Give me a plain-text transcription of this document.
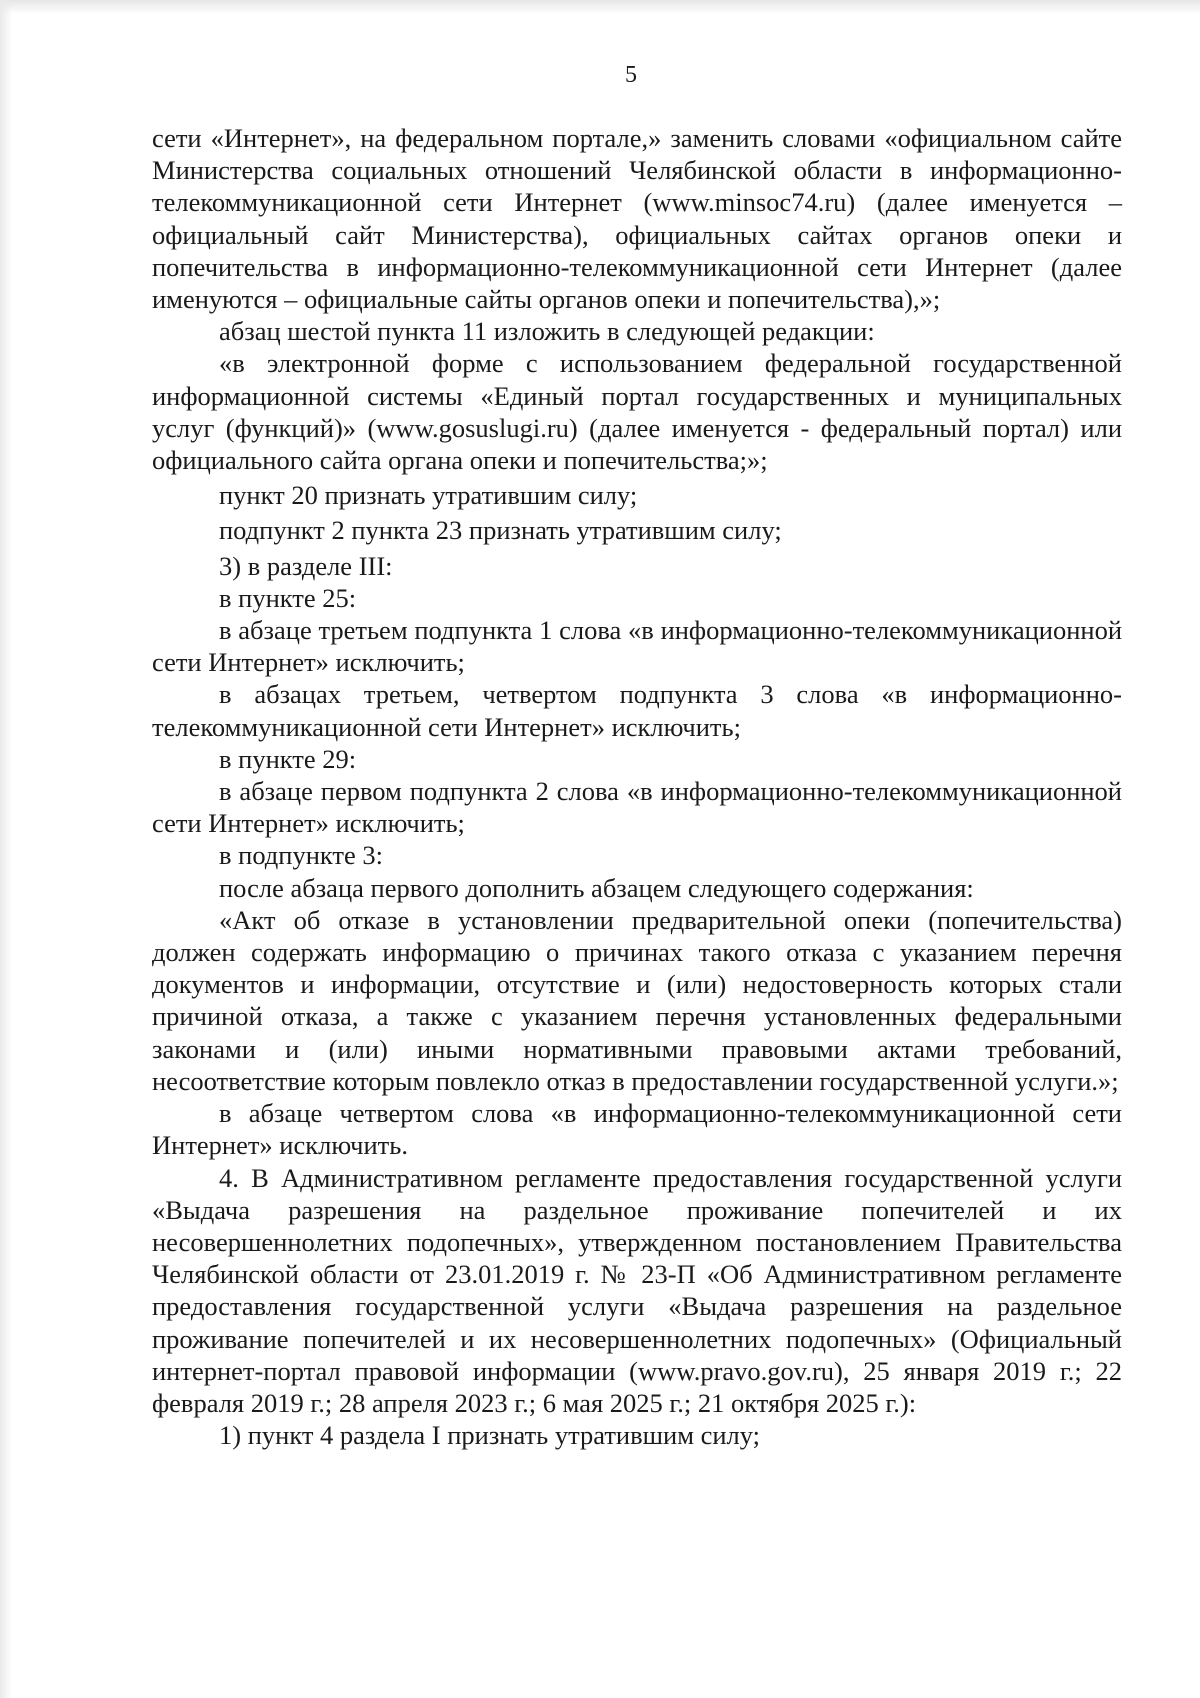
5

сети «Интернет», на федеральном портале,» заменить словами «официальном сайте Министерства социальных отношений Челябинской области в информационно-телекоммуникационной сети Интернет (www.minsoc74.ru) (далее именуется – официальный сайт Министерства), официальных сайтах органов опеки и попечительства в информационно-телекоммуникационной сети Интернет (далее именуются – официальные сайты органов опеки и попечительства),»;

абзац шестой пункта 11 изложить в следующей редакции:

«в электронной форме с использованием федеральной государственной информационной системы «Единый портал государственных и муниципальных услуг (функций)» (www.gosuslugi.ru) (далее именуется - федеральный портал) или официального сайта органа опеки и попечительства;»;

пункт 20 признать утратившим силу;

подпункт 2 пункта 23 признать утратившим силу;

3) в разделе III:

в пункте 25:

в абзаце третьем подпункта 1 слова «в информационно-телекоммуникационной сети Интернет» исключить;

в абзацах третьем, четвертом подпункта 3 слова «в информационно-телекоммуникационной сети Интернет» исключить;

в пункте 29:

в абзаце первом подпункта 2 слова «в информационно-телекоммуникационной сети Интернет» исключить;

в подпункте 3:

после абзаца первого дополнить абзацем следующего содержания:

«Акт об отказе в установлении предварительной опеки (попечительства) должен содержать информацию о причинах такого отказа с указанием перечня документов и информации, отсутствие и (или) недостоверность которых стали причиной отказа, а также с указанием перечня установленных федеральными законами и (или) иными нормативными правовыми актами требований, несоответствие которым повлекло отказ в предоставлении государственной услуги.»;

в абзаце четвертом слова «в информационно-телекоммуникационной сети Интернет» исключить.

4. В Административном регламенте предоставления государственной услуги «Выдача разрешения на раздельное проживание попечителей и их несовершеннолетних подопечных», утвержденном постановлением Правительства Челябинской области от 23.01.2019 г. № 23-П «Об Административном регламенте предоставления государственной услуги «Выдача разрешения на раздельное проживание попечителей и их несовершеннолетних подопечных» (Официальный интернет-портал правовой информации (www.pravo.gov.ru), 25 января 2019 г.; 22 февраля 2019 г.; 28 апреля 2023 г.; 6 мая 2025 г.; 21 октября 2025 г.):

1) пункт 4 раздела I признать утратившим силу;
